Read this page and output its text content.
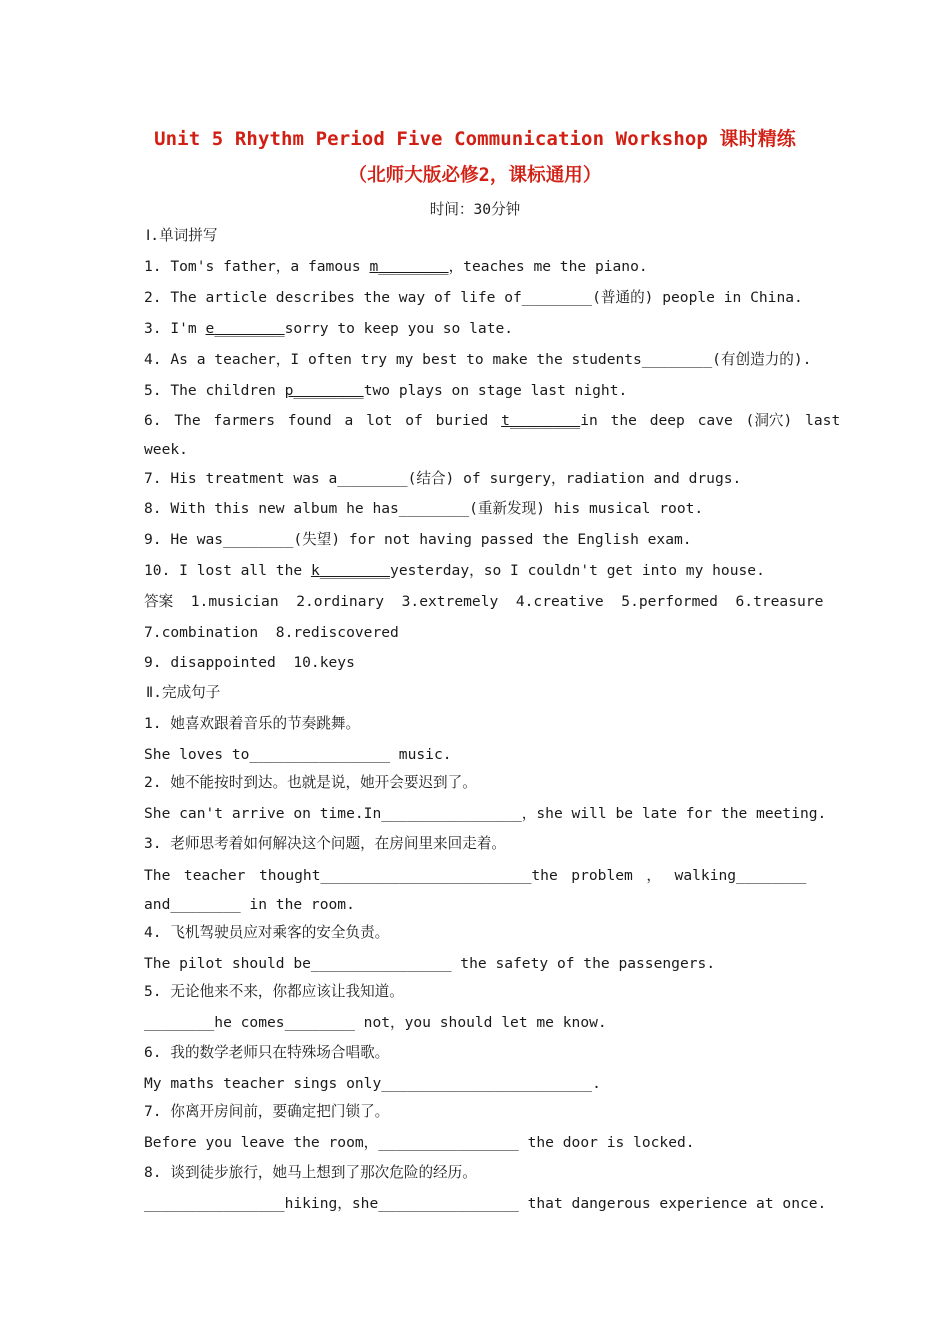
Unit 5 Rhythm Period Five Communication Workshop 课时精练
（北师大版必修2，课标通用）
时间：30分钟
Ⅰ.单词拼写
1. Tom's father，a famous m________，teaches me the piano.
2. The article describes the way of life of________(普通的) people in China.
3. I'm e________sorry to keep you so late.
4. As a teacher，I often try my best to make the students________(有创造力的).
5. The children p________two plays on stage last night.
6. The farmers found a lot of buried t________in the deep cave (洞穴) last
week.
7. His treatment was a________(结合) of surgery，radiation and drugs.
8. With this new album he has________(重新发现) his musical root.
9. He was________(失望) for not having passed the English exam.
10. I lost all the k________yesterday，so I couldn't get into my house.
答案  1.musician  2.ordinary  3.extremely  4.creative  5.performed  6.treasure
7.combination  8.rediscovered
9. disappointed  10.keys
Ⅱ.完成句子
1. 她喜欢跟着音乐的节奏跳舞。
She loves to________________ music.
2. 她不能按时到达。也就是说，她开会要迟到了。
She can't arrive on time.In________________，she will be late for the meeting.
3. 老师思考着如何解决这个问题，在房间里来回走着。
The  teacher  thought________________________the  problem  ，  walking________
and________ in the room.
4. 飞机驾驶员应对乘客的安全负责。
The pilot should be________________ the safety of the passengers.
5. 无论他来不来，你都应该让我知道。
________he comes________ not，you should let me know.
6. 我的数学老师只在特殊场合唱歌。
My maths teacher sings only________________________.
7. 你离开房间前，要确定把门锁了。
Before you leave the room，________________ the door is locked.
8. 谈到徒步旅行，她马上想到了那次危险的经历。
________________hiking，she________________ that dangerous experience at once.
